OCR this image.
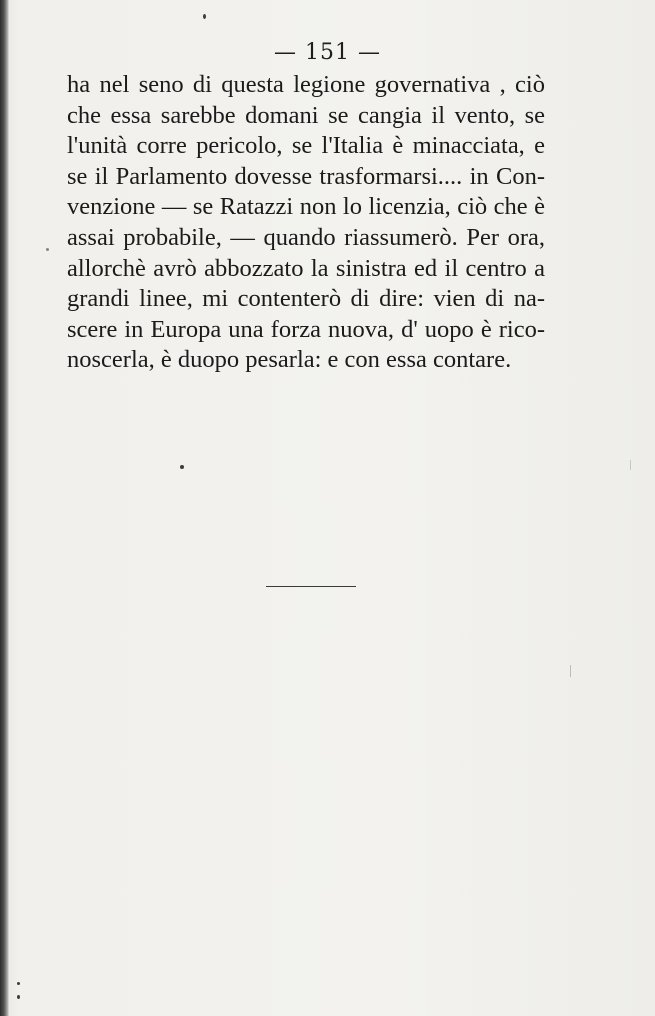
— 151 —
ha nel seno di questa legione governativa , ciò
che essa sarebbe domani se cangia il vento, se
l'unità corre pericolo, se l'Italia è minacciata, e
se il Parlamento dovesse trasformarsi.... in Con-
venzione — se Ratazzi non lo licenzia, ciò che è
assai probabile, — quando riassumerò. Per ora,
allorchè avrò abbozzato la sinistra ed il centro a
grandi linee, mi contenterò di dire: vien di na-
scere in Europa una forza nuova, d' uopo è rico-
noscerla, è duopo pesarla: e con essa contare.
